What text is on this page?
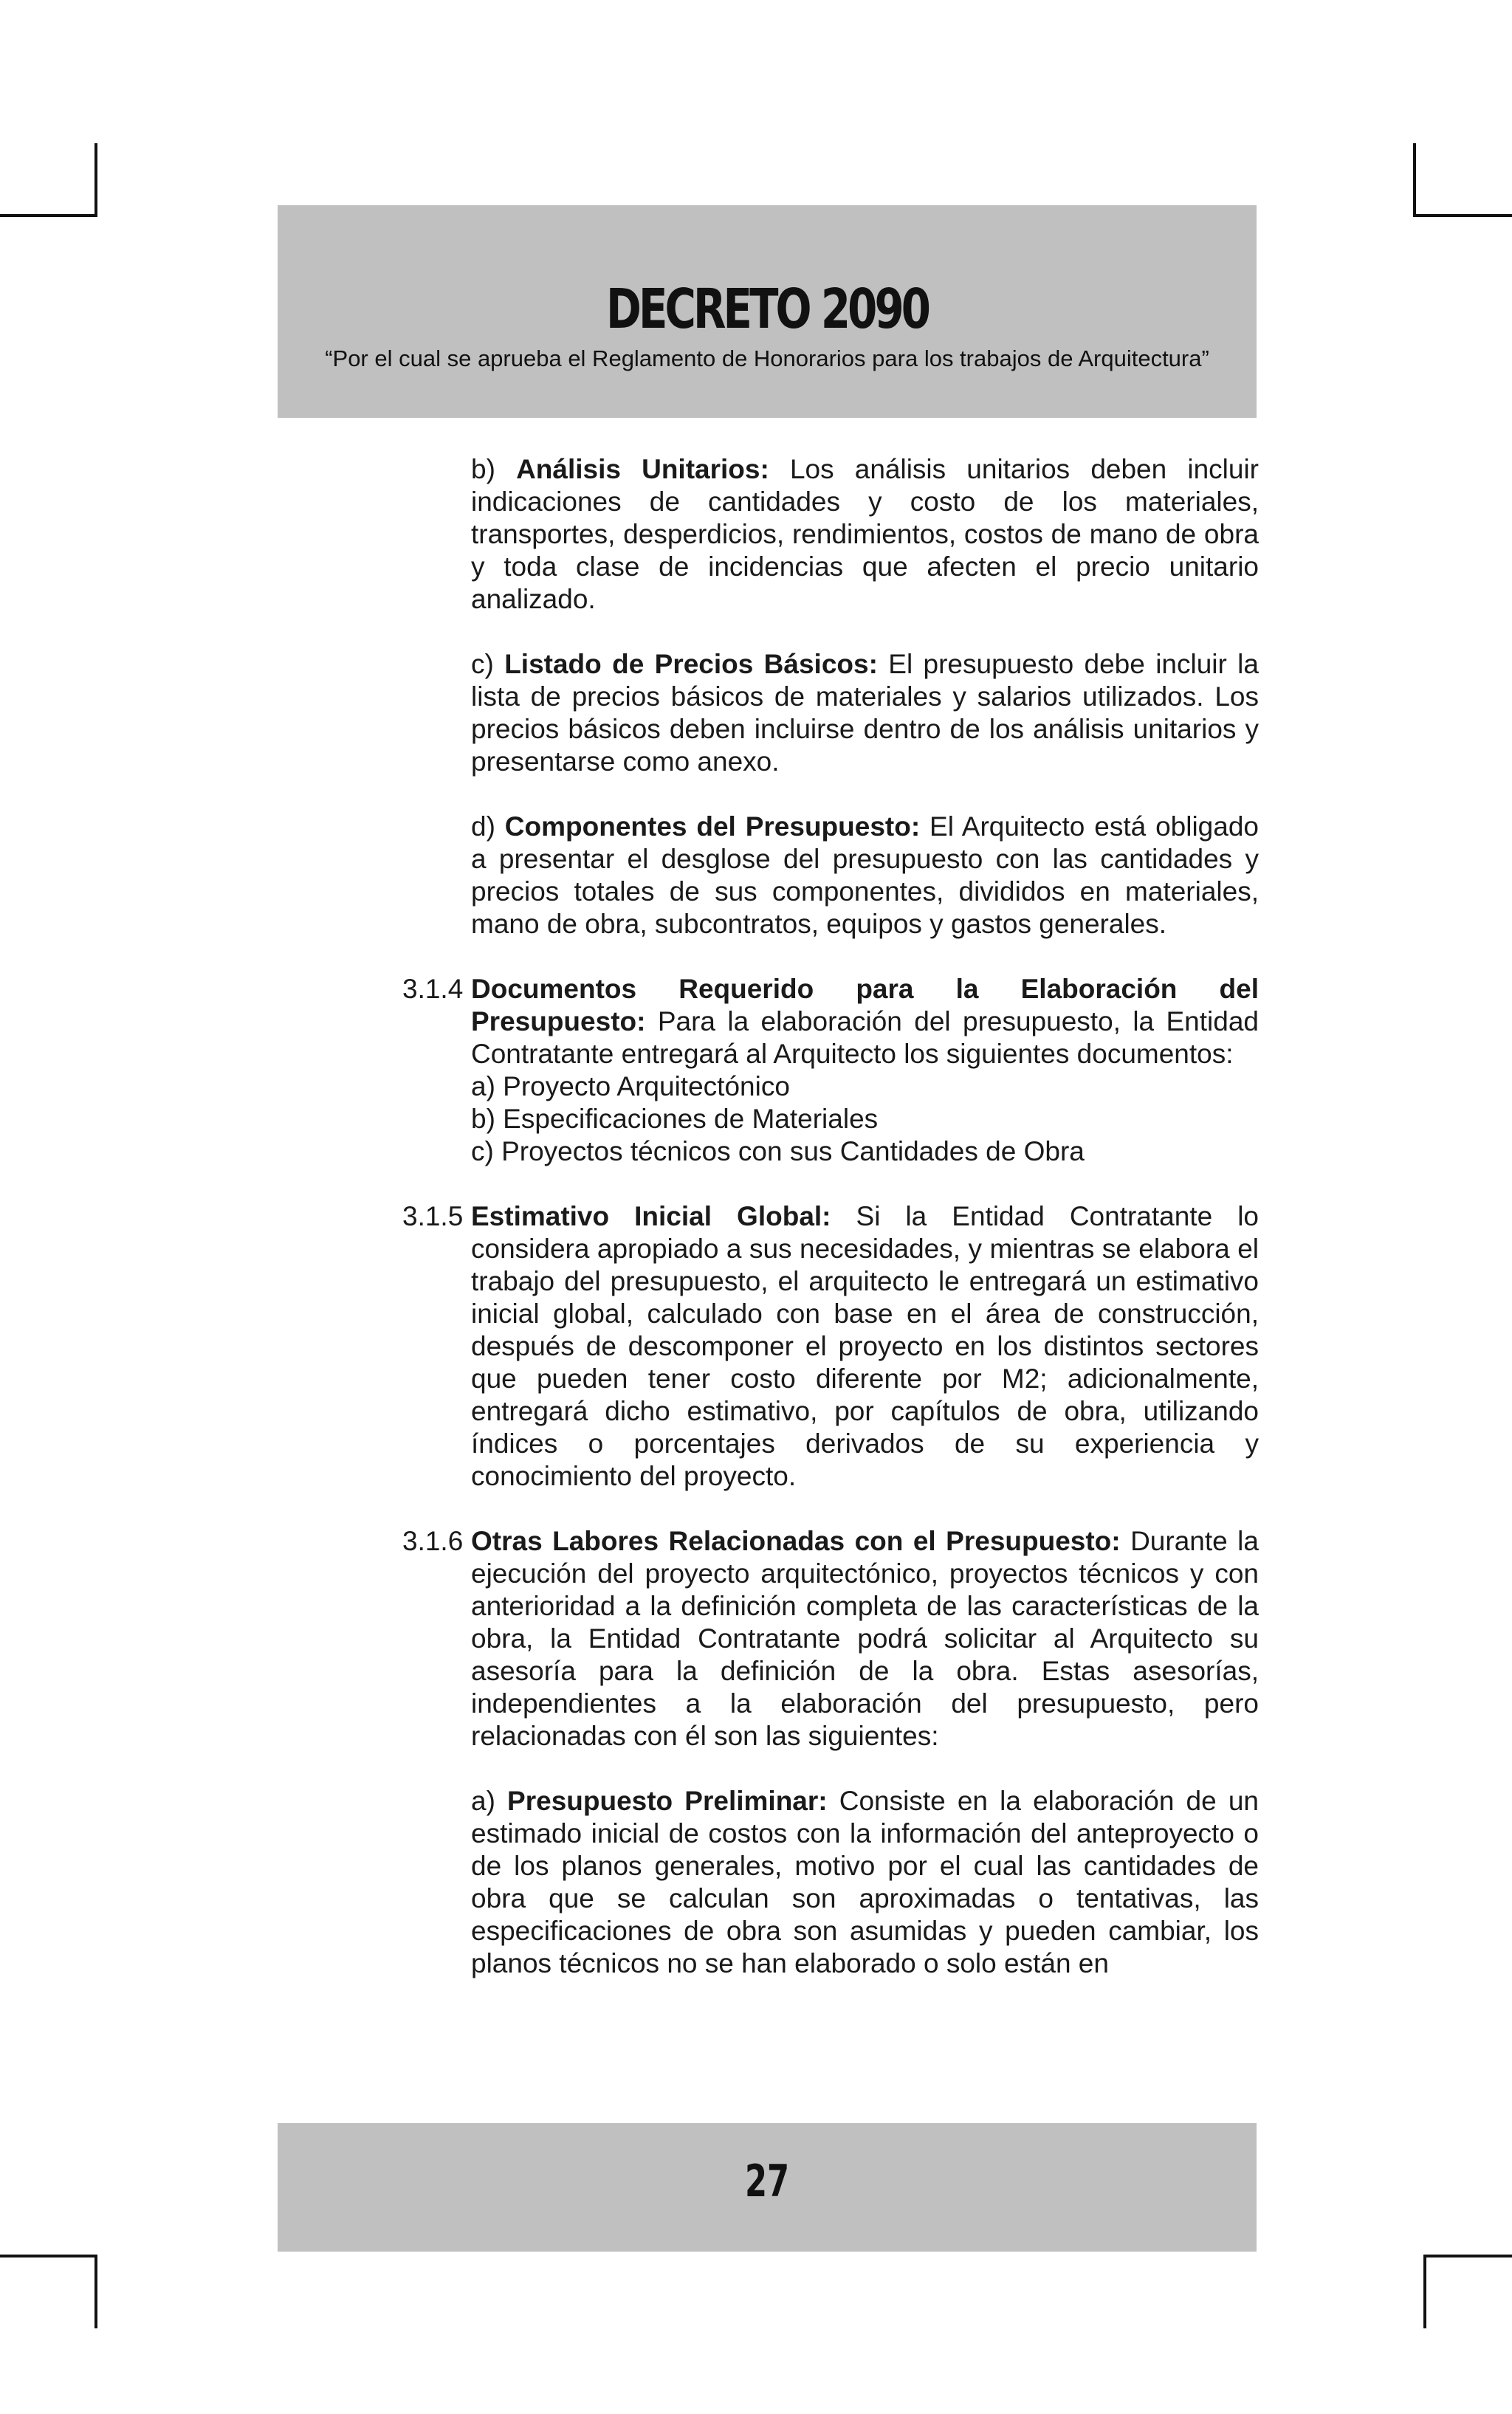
DECRETO 2090
“Por el cual se aprueba el Reglamento de Honorarios para los trabajos de Arquitectura”

b) Análisis Unitarios: Los análisis unitarios deben incluir indicaciones de cantidades y costo de los materiales, transportes, desperdicios, rendimientos, costos de mano de obra y toda clase de incidencias que afecten el precio unitario analizado.

c) Listado de Precios Básicos: El presupuesto debe incluir la lista de precios básicos de materiales y salarios utilizados. Los precios básicos deben incluirse dentro de los análisis unitarios y presentarse como anexo.

d) Componentes del Presupuesto: El Arquitecto está obligado a presentar el desglose del presupuesto con las cantidades y precios totales de sus componentes, divididos en materiales, mano de obra, subcontratos, equipos y gastos generales.

3.1.4 Documentos Requerido para la Elaboración del Presupuesto: Para la elaboración del presupuesto, la Entidad Contratante entregará al Arquitecto los siguientes documentos:

a) Proyecto Arquitectónico
b) Especificaciones de Materiales
c) Proyectos técnicos con sus Cantidades de Obra
3.1.5 Estimativo Inicial Global: Si la Entidad Contratante lo considera apropiado a sus necesidades, y mientras se elabora el trabajo del presupuesto, el arquitecto le entregará un estimativo inicial global, calculado con base en el área de construcción, después de descomponer el proyecto en los distintos sectores que pueden tener costo diferente por M2; adicionalmente, entregará dicho estimativo, por capítulos de obra, utilizando índices o porcentajes derivados de su experiencia y conocimiento del proyecto.

3.1.6 Otras Labores Relacionadas con el Presupuesto: Durante la ejecución del proyecto arquitectónico, proyectos técnicos y con anterioridad a la definición completa de las características de la obra, la Entidad Contratante podrá solicitar al Arquitecto su asesoría para la definición de la obra. Estas asesorías, independientes a la elaboración del presupuesto, pero relacionadas con él son las siguientes:

a) Presupuesto Preliminar: Consiste en la elaboración de un estimado inicial de costos con la información del anteproyecto o de los planos generales, motivo por el cual las cantidades de obra que se calculan son aproximadas o tentativas, las especificaciones de obra son asumidas y pueden cambiar, los planos técnicos no se han elaborado o solo están en

27
